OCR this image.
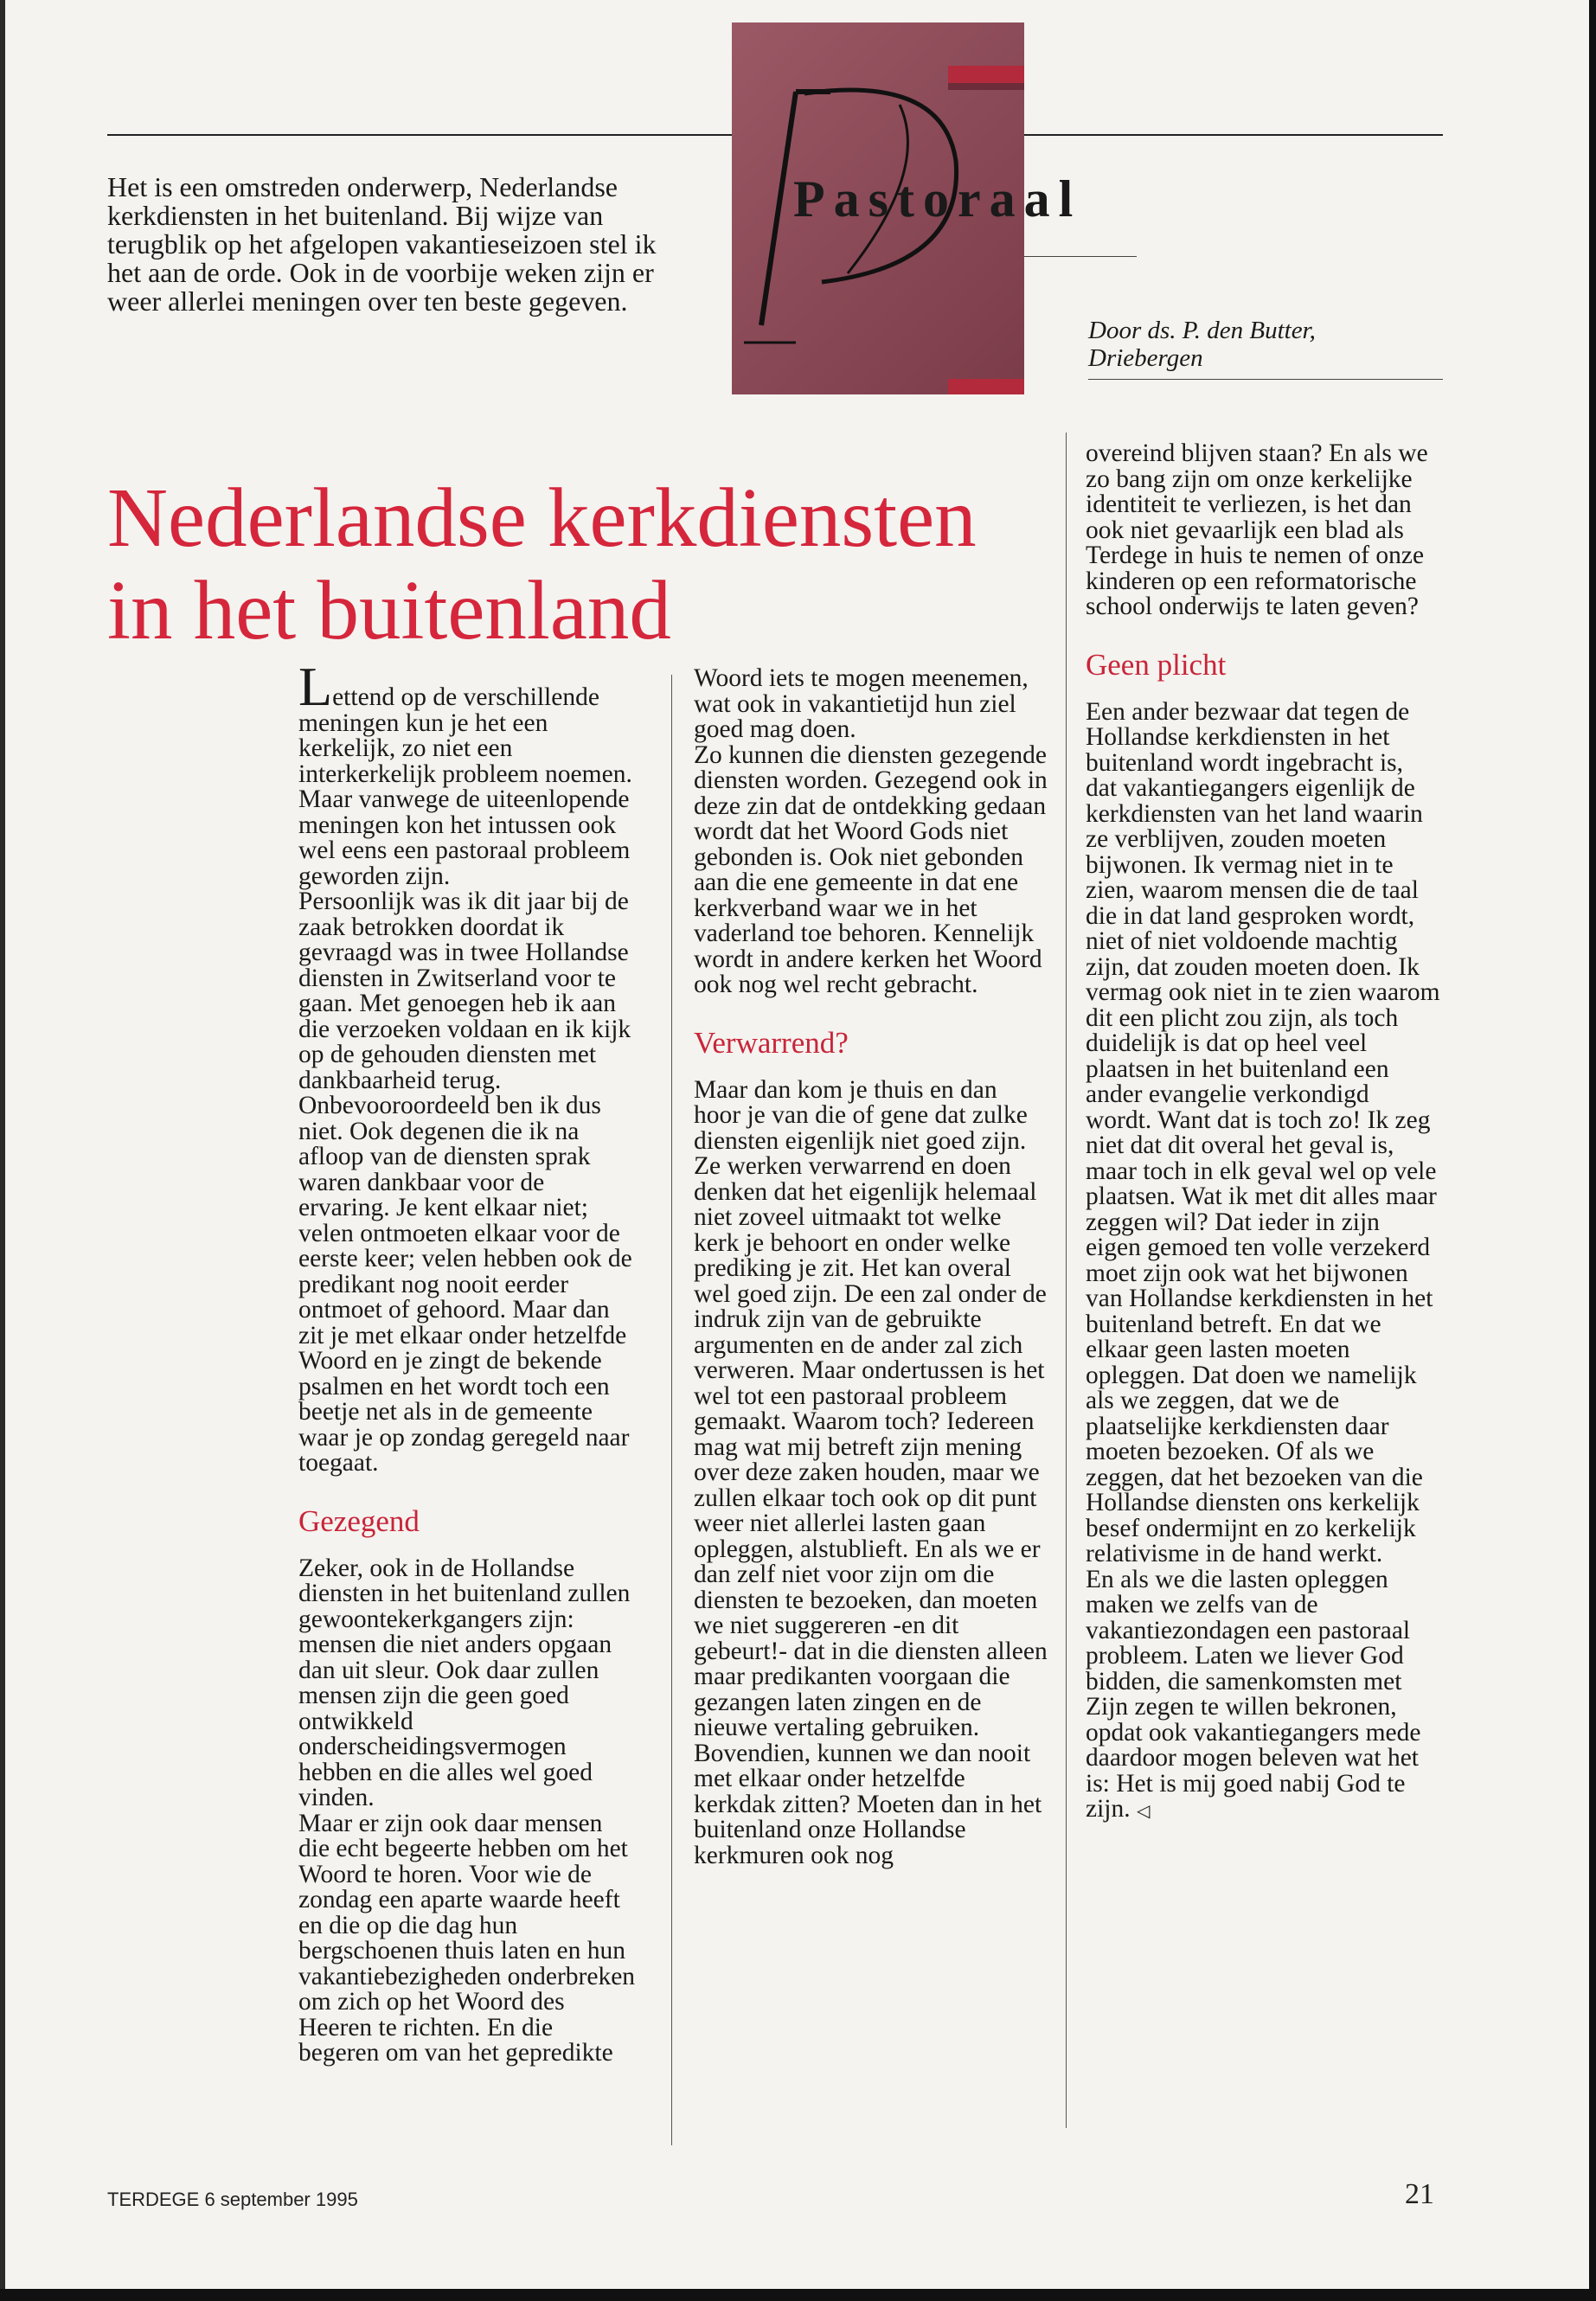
Pastoraal
Het is een omstreden onderwerp, Nederlandse kerkdiensten in het buitenland. Bij wijze van terugblik op het afgelopen vakantieseizoen stel ik het aan de orde. Ook in de voorbije weken zijn er weer allerlei meningen over ten beste gegeven.
Door ds. P. den Butter,
Driebergen
Nederlandse kerkdiensten in het buitenland

Lettend op de verschillende meningen kun je het een kerkelijk, zo niet een interkerkelijk probleem noemen. Maar vanwege de uiteenlopende meningen kon het intussen ook wel eens een pastoraal probleem geworden zijn.

Persoonlijk was ik dit jaar bij de zaak betrokken doordat ik gevraagd was in twee Hollandse diensten in Zwitserland voor te gaan. Met genoegen heb ik aan die verzoeken voldaan en ik kijk op de gehouden diensten met dankbaarheid terug. Onbevooroordeeld ben ik dus niet. Ook degenen die ik na afloop van de diensten sprak waren dankbaar voor de ervaring. Je kent elkaar niet; velen ontmoeten elkaar voor de eerste keer; velen hebben ook de predikant nog nooit eerder ontmoet of gehoord. Maar dan zit je met elkaar onder hetzelfde Woord en je zingt de bekende psalmen en het wordt toch een beetje net als in de gemeente waar je op zondag geregeld naar toegaat.

Gezegend

Zeker, ook in de Hollandse diensten in het buitenland zullen gewoontekerkgangers zijn: mensen die niet anders opgaan dan uit sleur. Ook daar zullen mensen zijn die geen goed ontwikkeld onderscheidingsvermogen hebben en die alles wel goed vinden.

Maar er zijn ook daar mensen die echt begeerte hebben om het Woord te horen. Voor wie de zondag een aparte waarde heeft en die op die dag hun bergschoenen thuis laten en hun vakantiebezigheden onderbreken om zich op het Woord des Heeren te richten. En die begeren om van het gepredikte

Woord iets te mogen meenemen, wat ook in vakantietijd hun ziel goed mag doen.

Zo kunnen die diensten gezegende diensten worden. Gezegend ook in deze zin dat de ontdekking gedaan wordt dat het Woord Gods niet gebonden is. Ook niet gebonden aan die ene gemeente in dat ene kerkverband waar we in het vaderland toe behoren. Kennelijk wordt in andere kerken het Woord ook nog wel recht gebracht.

Verwarrend?

Maar dan kom je thuis en dan hoor je van die of gene dat zulke diensten eigenlijk niet goed zijn. Ze werken verwarrend en doen denken dat het eigenlijk helemaal niet zoveel uitmaakt tot welke kerk je behoort en onder welke prediking je zit. Het kan overal wel goed zijn. De een zal onder de indruk zijn van de gebruikte argumenten en de ander zal zich verweren. Maar ondertussen is het wel tot een pastoraal probleem gemaakt. Waarom toch? Iedereen mag wat mij betreft zijn mening over deze zaken houden, maar we zullen elkaar toch ook op dit punt weer niet allerlei lasten gaan opleggen, alstublieft. En als we er dan zelf niet voor zijn om die diensten te bezoeken, dan moeten we niet suggereren -en dit gebeurt!- dat in die diensten alleen maar predikanten voorgaan die gezangen laten zingen en de nieuwe vertaling gebruiken.

Bovendien, kunnen we dan nooit met elkaar onder hetzelfde kerkdak zitten? Moeten dan in het buitenland onze Hollandse kerkmuren ook nog

overeind blijven staan? En als we zo bang zijn om onze kerkelijke identiteit te verliezen, is het dan ook niet gevaarlijk een blad als Terdege in huis te nemen of onze kinderen op een reformatorische school onderwijs te laten geven?

Geen plicht

Een ander bezwaar dat tegen de Hollandse kerkdiensten in het buitenland wordt ingebracht is, dat vakantiegangers eigenlijk de kerkdiensten van het land waarin ze verblijven, zouden moeten bijwonen. Ik vermag niet in te zien, waarom mensen die de taal die in dat land gesproken wordt, niet of niet voldoende machtig zijn, dat zouden moeten doen. Ik vermag ook niet in te zien waarom dit een plicht zou zijn, als toch duidelijk is dat op heel veel plaatsen in het buitenland een ander evangelie verkondigd wordt. Want dat is toch zo! Ik zeg niet dat dit overal het geval is, maar toch in elk geval wel op vele plaatsen. Wat ik met dit alles maar zeggen wil? Dat ieder in zijn eigen gemoed ten volle verzekerd moet zijn ook wat het bijwonen van Hollandse kerkdiensten in het buitenland betreft. En dat we elkaar geen lasten moeten opleggen. Dat doen we namelijk als we zeggen, dat we de plaatselijke kerkdiensten daar moeten bezoeken. Of als we zeggen, dat het bezoeken van die Hollandse diensten ons kerkelijk besef ondermijnt en zo kerkelijk relativisme in de hand werkt.

En als we die lasten opleggen maken we zelfs van de vakantiezondagen een pastoraal probleem. Laten we liever God bidden, die samenkomsten met Zijn zegen te willen bekronen, opdat ook vakantiegangers mede daardoor mogen beleven wat het is: Het is mij goed nabij God te zijn. ◁

TERDEGE 6 september 1995	21
